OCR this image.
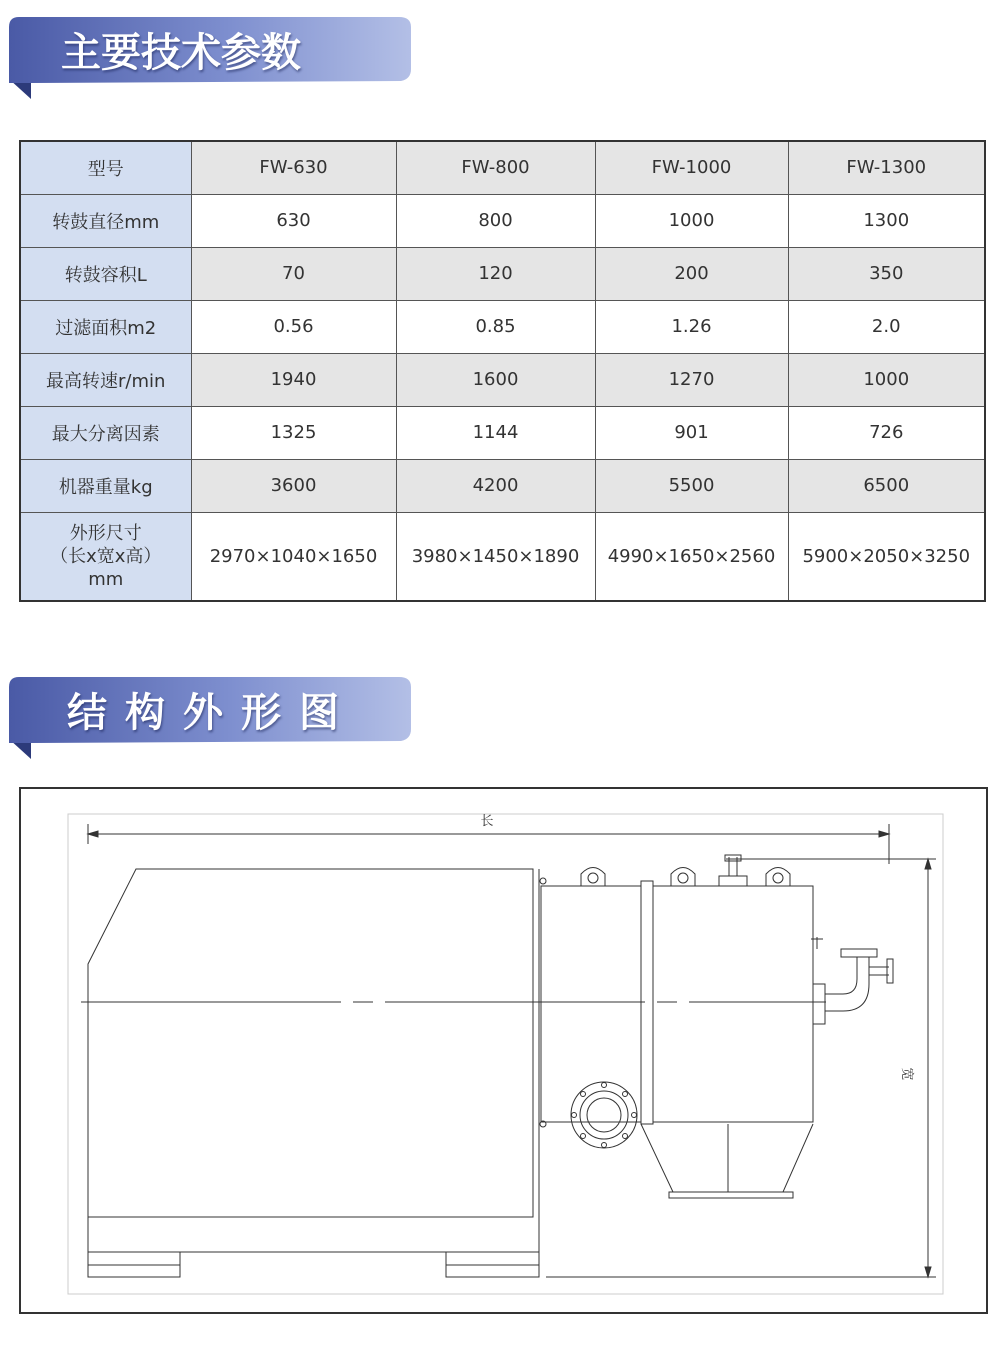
主要技术参数
型号	FW-630	FW-800	FW-1000	FW-1300
转鼓直径mm	630	800	1000	1300
转鼓容积L	70	120	200	350
过滤面积m2	0.56	0.85	1.26	2.0
最高转速r/min	1940	1600	1270	1000
最大分离因素	1325	1144	901	726
机器重量kg	3600	4200	5500	6500

外形尺寸
（长x宽x高）
mm	2970×1040×1650	3980×1450×1890	4990×1650×2560	5900×2050×3250
结构外形图
长
宽
